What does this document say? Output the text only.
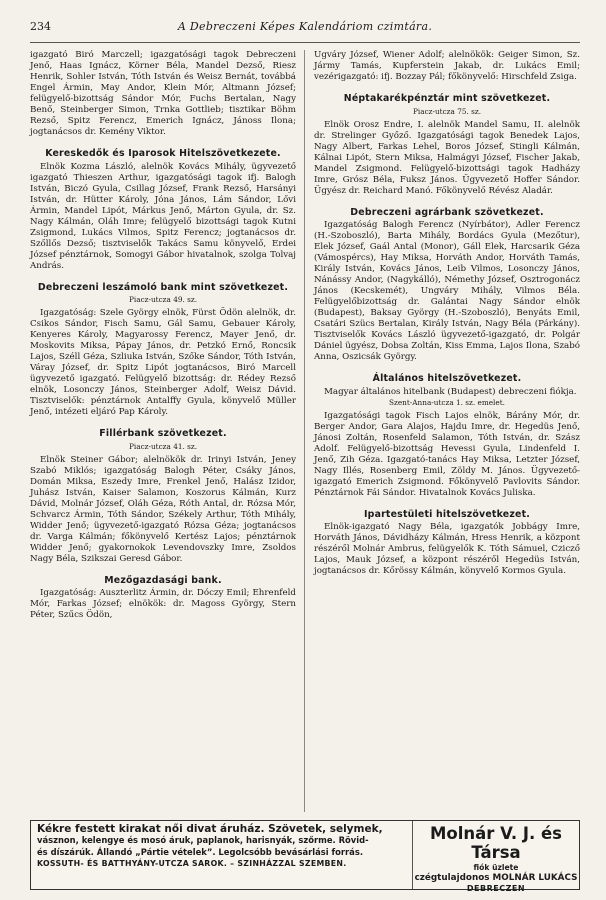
234	A Debreczeni Képes Kalendáriom czimtára.

igazgató Biró Marczell; igazgatósági tagok Debreczeni Jenő, Haas Ignácz, Körner Béla, Mandel Dezső, Riesz Henrik, Sohler István, Tóth István és Weisz Bernát, továbbá Engel Ármin, May Andor, Klein Mór, Altmann József; felügyelő-bizottság Sándor Mór, Fuchs Bertalan, Nagy Benő, Steinberger Simon, Trnka Gottlieb; tisztikar Böhm Rezső, Spitz Ferencz, Emerich Ignácz, Jánoss Ilona; jogtanácsos dr. Kemény Viktor.

Kereskedők és Iparosok Hitelszövetkezete.

Elnök Kozma László, alelnök Kovács Mihály, ügyvezető igazgató Thieszen Arthur, igazgatósági tagok ifj. Balogh István, Biczó Gyula, Csillag József, Frank Rezső, Harsányi István, dr. Hütter Károly, Jóna János, Lám Sándor, Lővi Ármin, Mandel Lipót, Márkus Jenő, Márton Gyula, dr. Sz. Nagy Kálmán, Oláh Imre; felügyelő bizottsági tagok Kutni Zsigmond, Lukács Vilmos, Spitz Ferencz; jogtanácsos dr. Szőllős Dezső; tisztviselők Takács Samu könyvelő, Erdei József pénztárnok, Somogyi Gábor hivatalnok, szolga Tolvaj András.

Debreczeni leszámoló bank mint szövetkezet.
Piacz-utcza 49. sz.

Igazgatóság: Szele György elnök, Fürst Ödön alelnök, dr. Csikos Sándor, Fisch Samu, Gál Samu, Gebauer Károly, Kenyeres Károly, Magyarossy Ferencz, Mayer Jenő, dr. Moskovits Miksa, Pápay János, dr. Petzkó Ernő, Roncsik Lajos, Széll Géza, Szliuka István, Szőke Sándor, Tóth István, Váray József, dr. Spitz Lipót jogtanácsos, Biró Marcell ügyvezető igazgató. Felügyelő bizottság: dr. Rédey Rezső elnök, Losonczy János, Steinberger Adolf, Weisz Dávid. Tisztviselők: pénztárnok Antalffy Gyula, könyvelő Müller Jenő, intézeti eljáró Pap Károly.

Fillérbank szövetkezet.
Piacz-utcza 41. sz.

Elnök Steiner Gábor; alelnökök dr. Irinyi István, Jeney Szabó Miklós; igazgatóság Balogh Péter, Csáky János, Domán Miksa, Eszedy Imre, Frenkel Jenő, Halász Izidor, Juhász István, Kaiser Salamon, Koszorus Kálmán, Kurz Dávid, Molnár József, Oláh Géza, Róth Antal, dr. Rózsa Mór, Schvarcz Ármin, Tóth Sándor, Székely Arthur, Tóth Mihály, Widder Jenő; ügyvezető-igazgató Rózsa Géza; jogtanácsos dr. Varga Kálmán; főkönyvelő Kertész Lajos; pénztárnok Widder Jenő; gyakornokok Levendovszky Imre, Zsoldos Nagy Béla, Szikszai Geresd Gábor.

Mezőgazdasági bank.

Igazgatóság: Auszterlitz Ármin, dr. Dóczy Emil; Ehrenfeld Mór, Farkas József; elnökök: dr. Magoss György, Stern Péter, Szűcs Ödön,

Ugváry József, Wiener Adolf; alelnökök: Geiger Simon, Sz. Jármy Tamás, Kupferstein Jakab, dr. Lukács Emil; vezérigazgató: ifj. Bozzay Pál; főkönyvelő: Hirschfeld Zsiga.

Néptakarékpénztár mint szövetkezet.
Piacz-utcza 75. sz.

Elnök Orosz Endre, I. alelnök Mandel Samu, II. alelnök dr. Strelinger Győző. Igazgatósági tagok Benedek Lajos, Nagy Albert, Farkas Lehel, Boros József, Stingli Kálmán, Kálnai Lipót, Stern Miksa, Halmágyi József, Fischer Jakab, Mandel Zsigmond. Felügyelő-bizottsági tagok Hadházy Imre, Grósz Béla, Fuksz János. Ügyvezető Hoffer Sándor. Ügyész dr. Reichard Manó. Főkönyvelő Révész Aladár.

Debreczeni agrárbank szövetkezet.

Igazgatóság Balogh Ferencz (Nyírbátor), Adler Ferencz (H.-Szoboszló), Barta Mihály, Bordács Gyula (Mezőtur), Elek József, Gaál Antal (Monor), Gáll Elek, Harcsarik Géza (Vámospércs), Hay Miksa, Horváth Andor, Horváth Tamás, Király István, Kovács János, Leib Vilmos, Losonczy János, Nánássy Andor, (Nagykálló), Némethy József, Osztrogonácz János (Kecskemét), Ungváry Mihály, Vilmos Béla. Felügyelőbizottság dr. Galántai Nagy Sándor elnök (Budapest), Baksay György (H.-Szoboszló), Benyáts Emil, Csatári Szücs Bertalan, Király István, Nagy Béla (Párkány). Tisztviselők Kovács László ügyvezető-igazgató, dr. Polgár Dániel ügyész, Dobsa Zoltán, Kiss Emma, Lajos Ilona, Szabó Anna, Oszicsák György.

Általános hitelszövetkezet.

Magyar általános hitelbank (Budapest) debreczeni fiókja.

Szent-Anna-utcza 1. sz. emelet.

Igazgatósági tagok Fisch Lajos elnök, Bárány Mór, dr. Berger Andor, Gara Alajos, Hajdu Imre, dr. Hegedüs Jenő, Jánosi Zoltán, Rosenfeld Salamon, Tóth István, dr. Szász Adolf. Felügyelő-bizottság Hevessi Gyula, Lindenfeld I. Jenő, Zih Géza. Igazgató-tanács Hay Miksa, Letzter József, Nagy Illés, Rosenberg Emil, Zöldy M. János. Ügyvezető-igazgató Emerich Zsigmond. Főkönyvelő Pavlovits Sándor. Pénztárnok Fái Sándor. Hivatalnok Kovács Juliska.

Ipartestületi hitelszövetkezet.

Elnök-igazgató Nagy Béla, igazgatók Jobbágy Imre, Horváth János, Dávidházy Kálmán, Hress Henrik, a központ részéről Molnár Ambrus, felügyelők K. Tóth Sámuel, Czicző Lajos, Mauk József, a központ részéről Hegedüs István, jogtanácsos dr. Kőrössy Kálmán, könyvelő Kormos Gyula.

Kékre festett kirakat női divat áruház. Szövetek, selymek,
vásznon, kelengye és mosó áruk, paplanok, harisnyák, szőrme. Rövid-
és díszárúk. Állandó „Pártie vételek”. Legolcsóbb bevásárlási forrás.
KOSSUTH- ÉS BATTHYÁNY-UTCZA SAROK. – SZINHÁZZAL SZEMBEN.
Molnár V. J. és Társa
fiók üzlete
czégtulajdonos MOLNÁR LUKÁCS
DEBRECZEN
